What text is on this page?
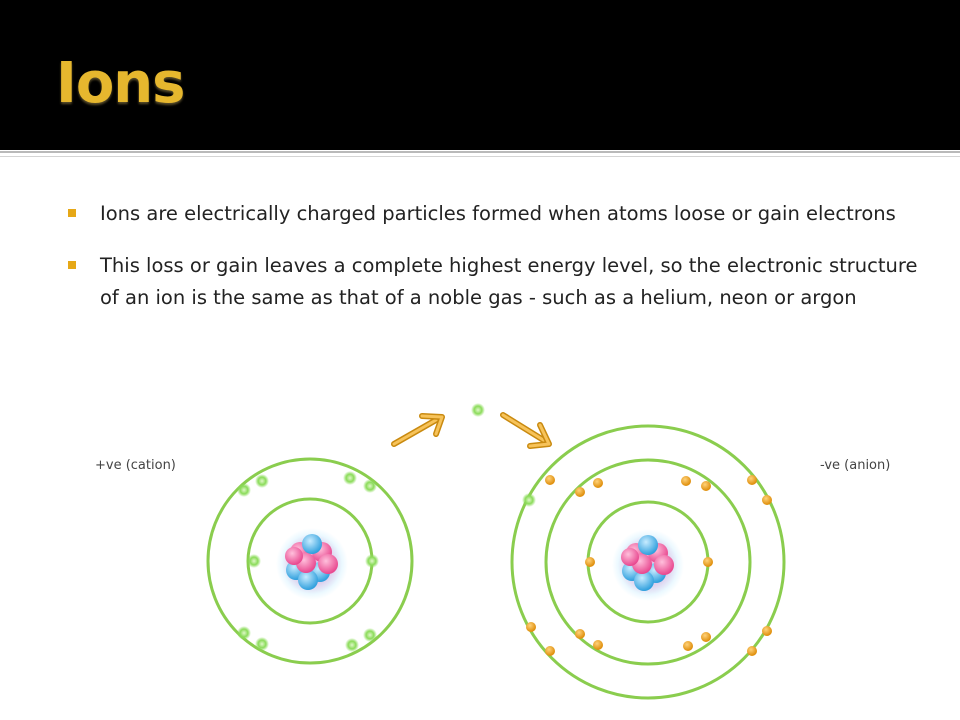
Ions
Ions are electrically charged particles formed when atoms loose or gain electrons
This loss or gain leaves a complete highest energy level, so the electronic structure of an ion is the same as that of a noble gas - such as a helium, neon or argon

+ve (cation)	-ve (anion)
